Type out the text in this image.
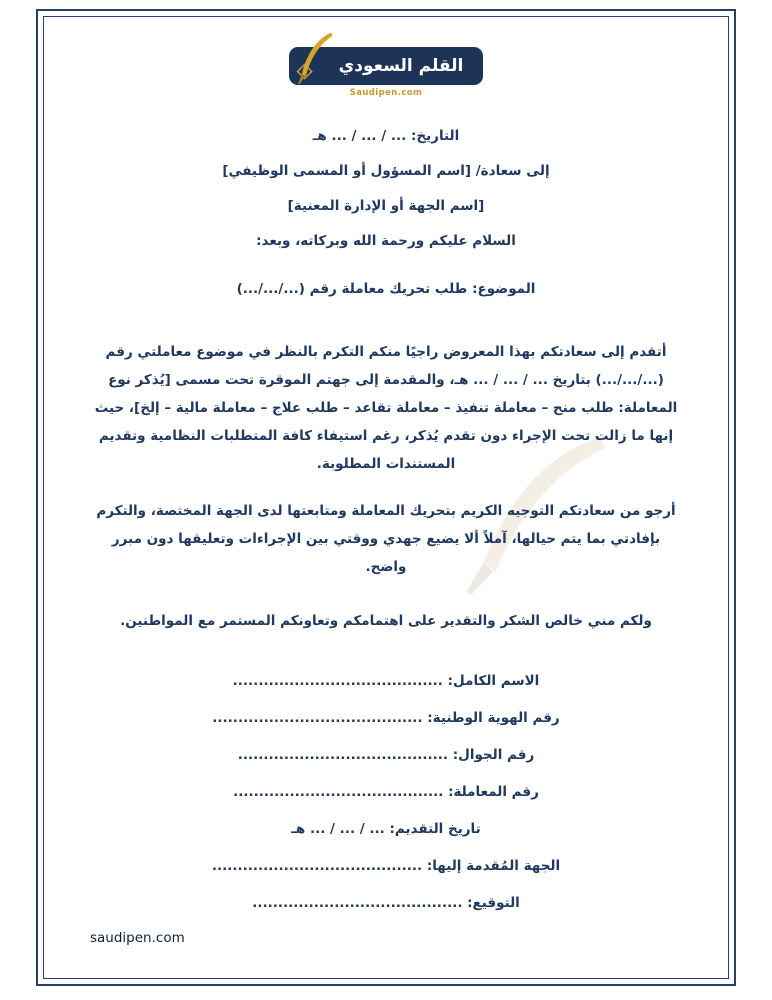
القلم السعودي
Saudipen.com

التاريخ: ... / ... / ... هـ

إلى سعادة/ [اسم المسؤول أو المسمى الوظيفي]

[اسم الجهة أو الإدارة المعنية]

السلام عليكم ورحمة الله وبركاته، وبعد:

الموضوع: طلب تحريك معاملة رقم (.../.../...)

أتقدم إلى سعادتكم بهذا المعروض راجيًا منكم التكرم بالنظر في موضوع معاملتي رقم (.../.../...) بتاريخ ... / ... / ... هـ، والمقدمة إلى جهتم الموقرة تحت مسمى [يُذكر نوع المعاملة: طلب منح – معاملة تنفيذ – معاملة تقاعد – طلب علاج – معاملة مالية – إلخ]، حيث إنها ما زالت تحت الإجراء دون تقدم يُذكر، رغم استيفاء كافة المتطلبات النظامية وتقديم المستندات المطلوبة.

أرجو من سعادتكم التوجيه الكريم بتحريك المعاملة ومتابعتها لدى الجهة المختصة، والتكرم بإفادتي بما يتم حيالها، آملاً ألا يضيع جهدي ووقتي بين الإجراءات وتعليقها دون مبرر واضح.

ولكم مني خالص الشكر والتقدير على اهتمامكم وتعاونكم المستمر مع المواطنين.

الاسم الكامل: .........................................

رقم الهوية الوطنية: .........................................

رقم الجوال: .........................................

رقم المعاملة: .........................................

تاريخ التقديم: ... / ... / ... هـ

الجهة المُقدمة إليها: .........................................

التوقيع: .........................................

saudipen.com
